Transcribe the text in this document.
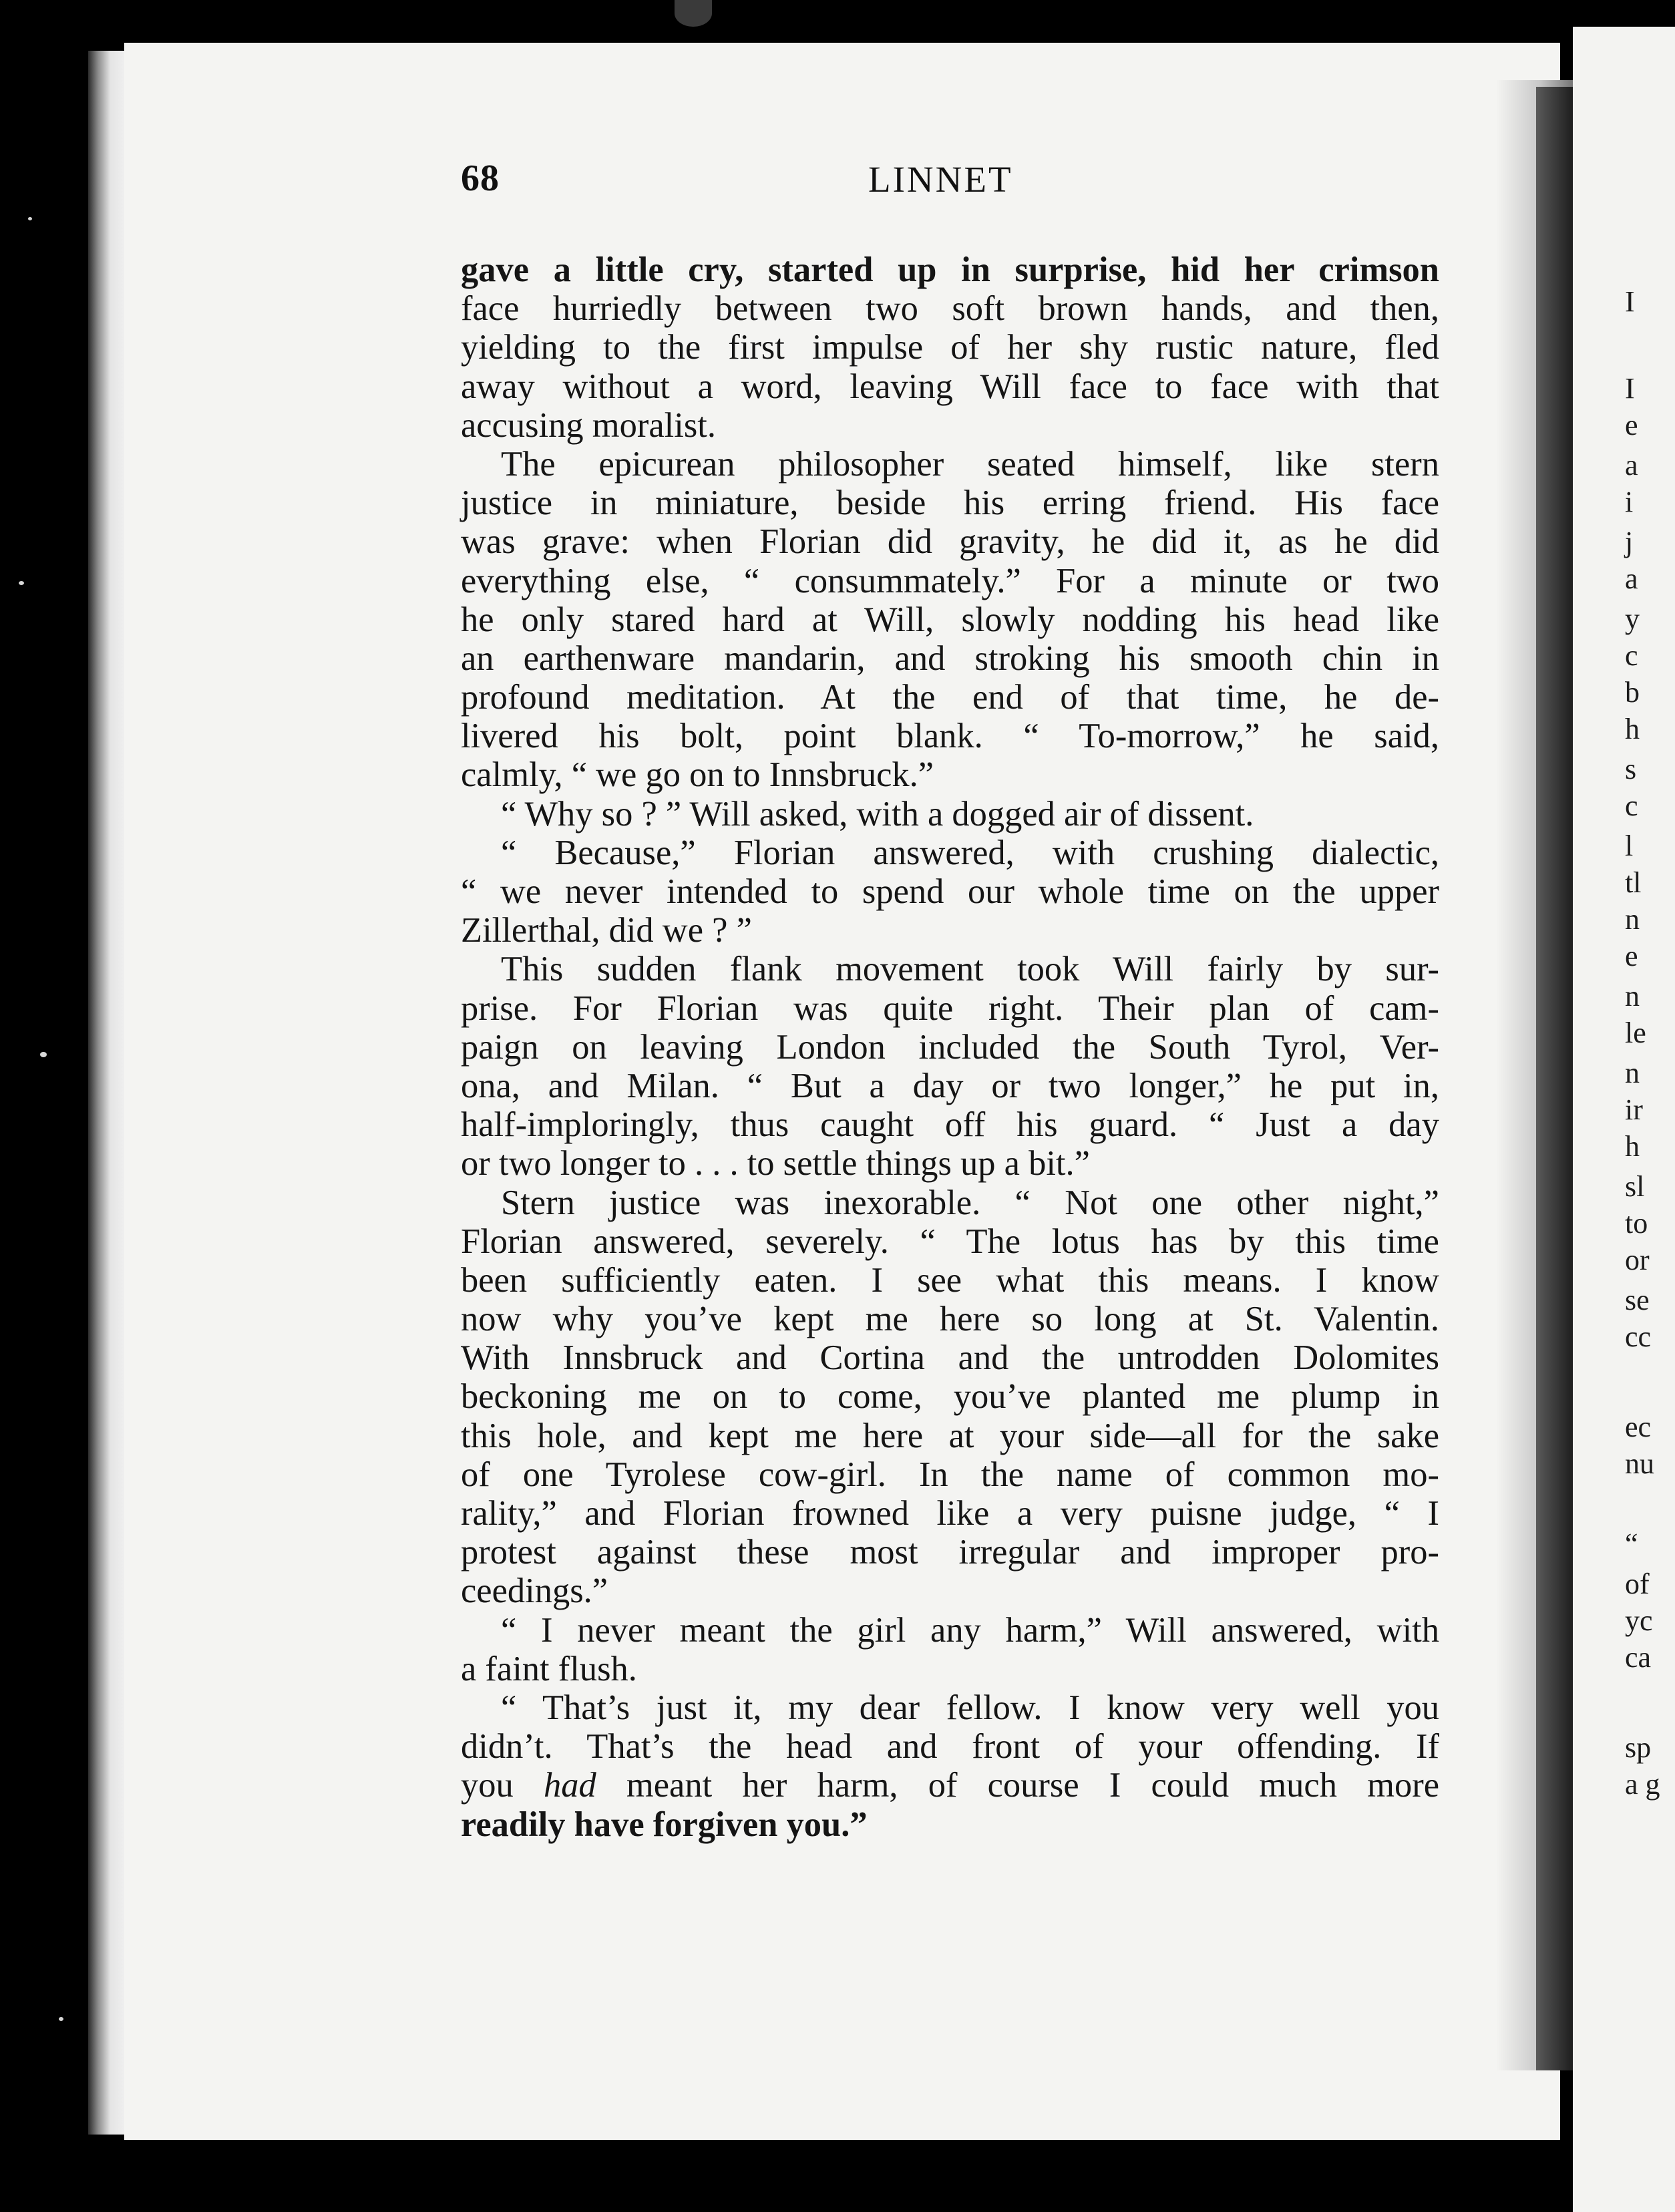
I
I
e
a
i
j
a
y
c
b
h
s
c
l
tl
n
e
n
le
n
ir
h
sl
to
or
se
cc
ec
nu
“
of
yc
ca
sp
a g
68	LINNET
gave a little cry, started up in surprise, hid her crimson
face hurriedly between two soft brown hands, and then,
yielding to the first impulse of her shy rustic nature, fled
away without a word, leaving Will face to face with that
accusing moralist.
The epicurean philosopher seated himself, like stern
justice in miniature, beside his erring friend. His face
was grave: when Florian did gravity, he did it, as he did
everything else, “ consummately.” For a minute or two
he only stared hard at Will, slowly nodding his head like
an earthenware mandarin, and stroking his smooth chin in
profound meditation. At the end of that time, he de-
livered his bolt, point blank. “ To-morrow,” he said,
calmly, “ we go on to Innsbruck.”
“ Why so ? ” Will asked, with a dogged air of dissent.
“ Because,” Florian answered, with crushing dialectic,
“ we never intended to spend our whole time on the upper
Zillerthal, did we ? ”
This sudden flank movement took Will fairly by sur-
prise. For Florian was quite right. Their plan of cam-
paign on leaving London included the South Tyrol, Ver-
ona, and Milan. “ But a day or two longer,” he put in,
half-imploringly, thus caught off his guard. “ Just a day
or two longer to . . . to settle things up a bit.”
Stern justice was inexorable. “ Not one other night,”
Florian answered, severely. “ The lotus has by this time
been sufficiently eaten. I see what this means. I know
now why you’ve kept me here so long at St. Valentin.
With Innsbruck and Cortina and the untrodden Dolomites
beckoning me on to come, you’ve planted me plump in
this hole, and kept me here at your side—all for the sake
of one Tyrolese cow-girl. In the name of common mo-
rality,” and Florian frowned like a very puisne judge, “ I
protest against these most irregular and improper pro-
ceedings.”
“ I never meant the girl any harm,” Will answered, with
a faint flush.
“ That’s just it, my dear fellow. I know very well you
didn’t. That’s the head and front of your offending. If
you had meant her harm, of course I could much more
readily have forgiven you.”
